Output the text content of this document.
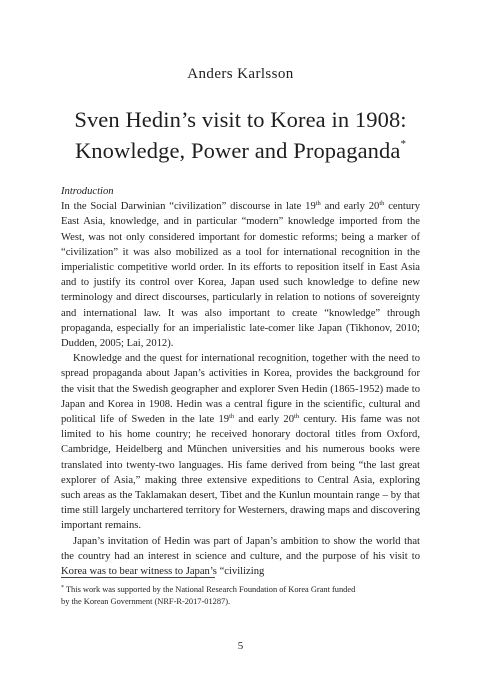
Anders Karlsson
Sven Hedin’s visit to Korea in 1908:
Knowledge, Power and Propaganda*

Introduction

In the Social Darwinian “civilization” discourse in late 19th and early 20th century East Asia, knowledge, and in particular “modern” knowledge imported from the West, was not only considered important for domestic reforms; being a marker of “civilization” it was also mobilized as a tool for international recognition in the imperialistic competitive world order. In its efforts to reposition itself in East Asia and to justify its control over Korea, Japan used such knowledge to define new terminology and direct discourses, particularly in relation to notions of sovereignty and international law. It was also important to create “knowledge” through propaganda, especially for an imperialistic late-comer like Japan (Tikhonov, 2010; Dudden, 2005; Lai, 2012).

Knowledge and the quest for international recognition, together with the need to spread propaganda about Japan’s activities in Korea, provides the background for the visit that the Swedish geographer and explorer Sven Hedin (1865-1952) made to Japan and Korea in 1908. Hedin was a central figure in the scientific, cultural and political life of Sweden in the late 19th and early 20th century. His fame was not limited to his home country; he received honorary doctoral titles from Oxford, Cambridge, Heidelberg and München universities and his numerous books were translated into twenty-two languages. His fame derived from being “the last great explorer of Asia,” making three extensive expeditions to Central Asia, exploring such areas as the Taklamakan desert, Tibet and the Kunlun mountain range – by that time still largely unchartered territory for Westerners, drawing maps and discovering important remains.

Japan’s invitation of Hedin was part of Japan’s ambition to show the world that the country had an interest in science and culture, and the purpose of his visit to Korea was to bear witness to Japan’s “civilizing

* This work was supported by the National Research Foundation of Korea Grant funded by the Korean Government (NRF-R-2017-01287).
5
